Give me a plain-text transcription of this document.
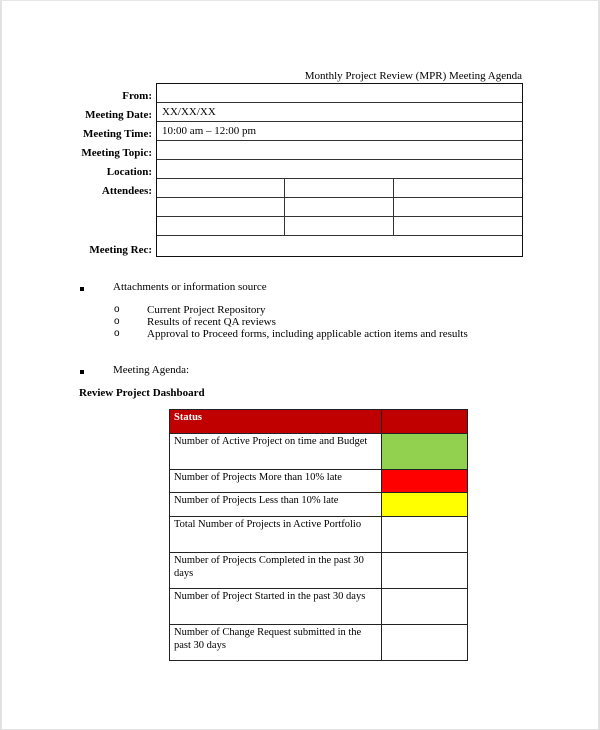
Monthly Project Review (MPR) Meeting Agenda
From:
Meeting Date:
Meeting Time:
Meeting Topic:
Location:
Attendees:
Meeting Rec:
XX/XX/XX
10:00 am – 12:00 pm
Attachments or information source
o Current Project Repository
o Results of recent QA reviews
o Approval to Proceed forms, including applicable action items and results
Meeting Agenda:
Review Project Dashboard
Status
Number of Active Project on time and Budget
Number of Projects More than 10% late
Number of Projects Less than 10% late
Total Number of Projects in Active Portfolio
Number of Projects Completed in the past 30 days
Number of Project Started in the past 30 days
Number of Change Request submitted in the past 30 days
